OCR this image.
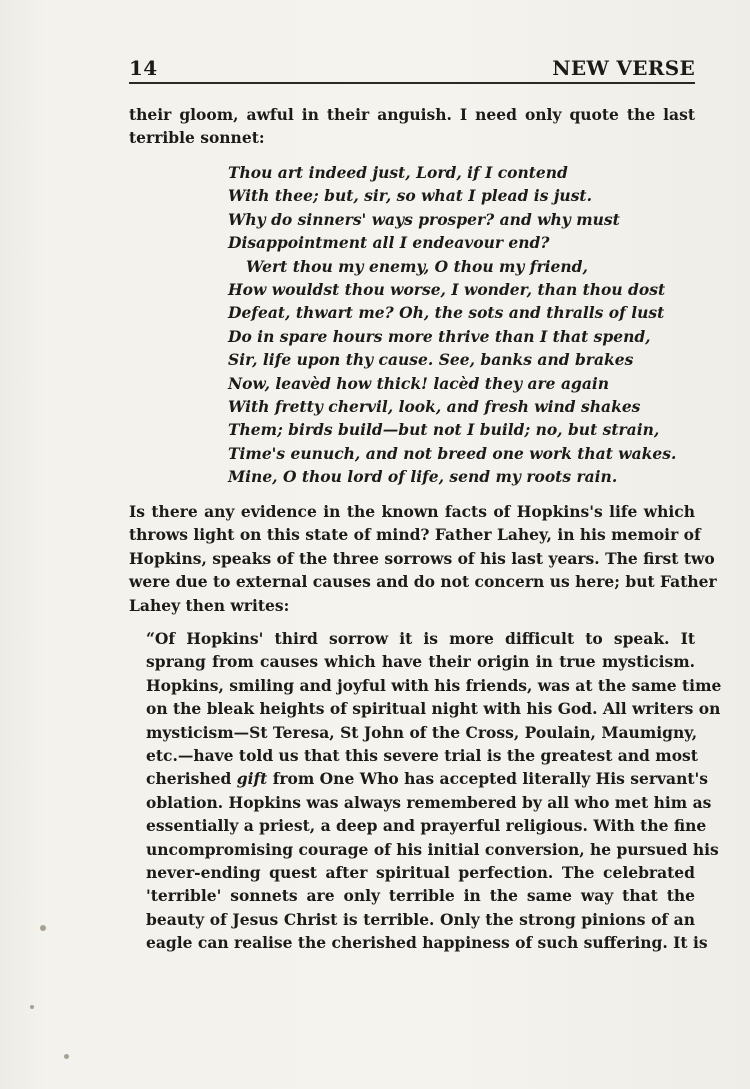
14	NEW VERSE
their gloom, awful in their anguish. I need only quote the last
terrible sonnet:
Thou art indeed just, Lord, if I contend
With thee; but, sir, so what I plead is just.
Why do sinners' ways prosper? and why must
Disappointment all I endeavour end?
Wert thou my enemy, O thou my friend,
How wouldst thou worse, I wonder, than thou dost
Defeat, thwart me? Oh, the sots and thralls of lust
Do in spare hours more thrive than I that spend,
Sir, life upon thy cause. See, banks and brakes
Now, leavèd how thick! lacèd they are again
With fretty chervil, look, and fresh wind shakes
Them; birds build—but not I build; no, but strain,
Time's eunuch, and not breed one work that wakes.
Mine, O thou lord of life, send my roots rain.
Is there any evidence in the known facts of Hopkins's life which
throws light on this state of mind? Father Lahey, in his memoir of
Hopkins, speaks of the three sorrows of his last years. The first two
were due to external causes and do not concern us here; but Father
Lahey then writes:
“Of Hopkins' third sorrow it is more difficult to speak. It
sprang from causes which have their origin in true mysticism.
Hopkins, smiling and joyful with his friends, was at the same time
on the bleak heights of spiritual night with his God. All writers on
mysticism—St Teresa, St John of the Cross, Poulain, Maumigny,
etc.—have told us that this severe trial is the greatest and most
cherished gift from One Who has accepted literally His servant's
oblation. Hopkins was always remembered by all who met him as
essentially a priest, a deep and prayerful religious. With the fine
uncompromising courage of his initial conversion, he pursued his
never-ending quest after spiritual perfection. The celebrated
'terrible' sonnets are only terrible in the same way that the
beauty of Jesus Christ is terrible. Only the strong pinions of an
eagle can realise the cherished happiness of such suffering. It is
